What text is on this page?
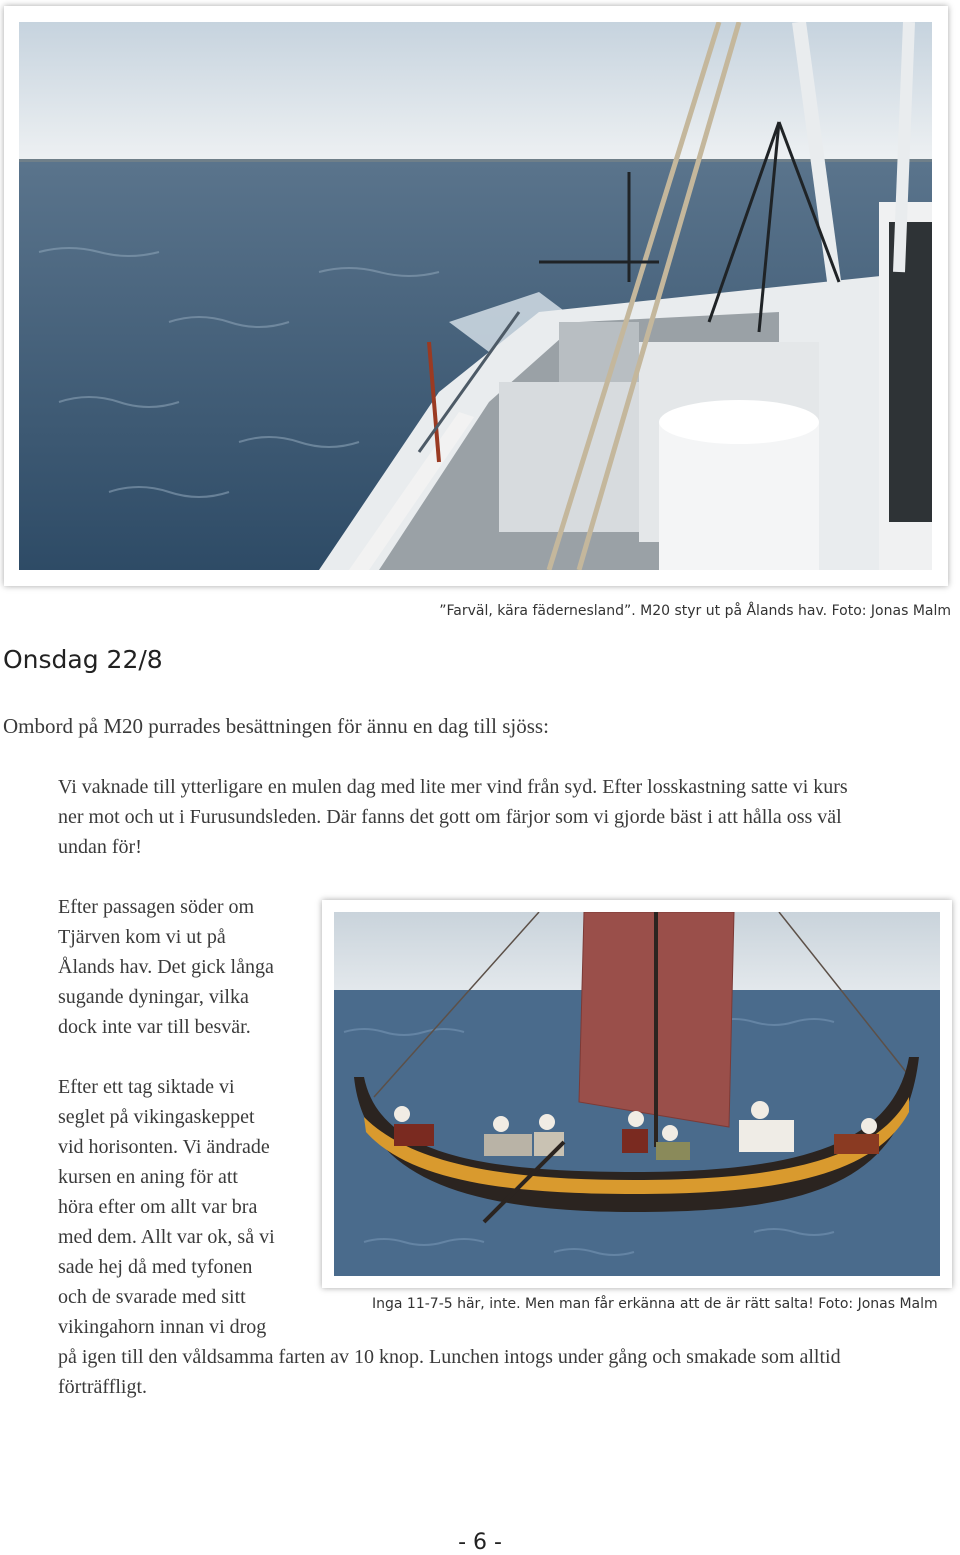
”Farväl, kära fädernesland”. M20 styr ut på Ålands hav. Foto: Jonas Malm
Onsdag 22/8
Ombord på M20 purrades besättningen för ännu en dag till sjöss:
Vi vaknade till ytterligare en mulen dag med lite mer vind från syd. Efter losskastning satte vi kurs
ner mot och ut i Furusundsleden. Där fanns det gott om färjor som vi gjorde bäst i att hålla oss väl
undan för!
Efter passagen söder om
Tjärven kom vi ut på
Ålands hav. Det gick långa
sugande dyningar, vilka
dock inte var till besvär.
Efter ett tag siktade vi
seglet på vikingaskeppet
vid horisonten. Vi ändrade
kursen en aning för att
höra efter om allt var bra
med dem. Allt var ok, så vi
sade hej då med tyfonen
och de svarade med sitt
vikingahorn innan vi drog
på igen till den våldsamma farten av 10 knop. Lunchen intogs under gång och smakade som alltid
förträffligt.
Inga 11-7-5 här, inte. Men man får erkänna att de är rätt salta! Foto: Jonas Malm
- 6 -
